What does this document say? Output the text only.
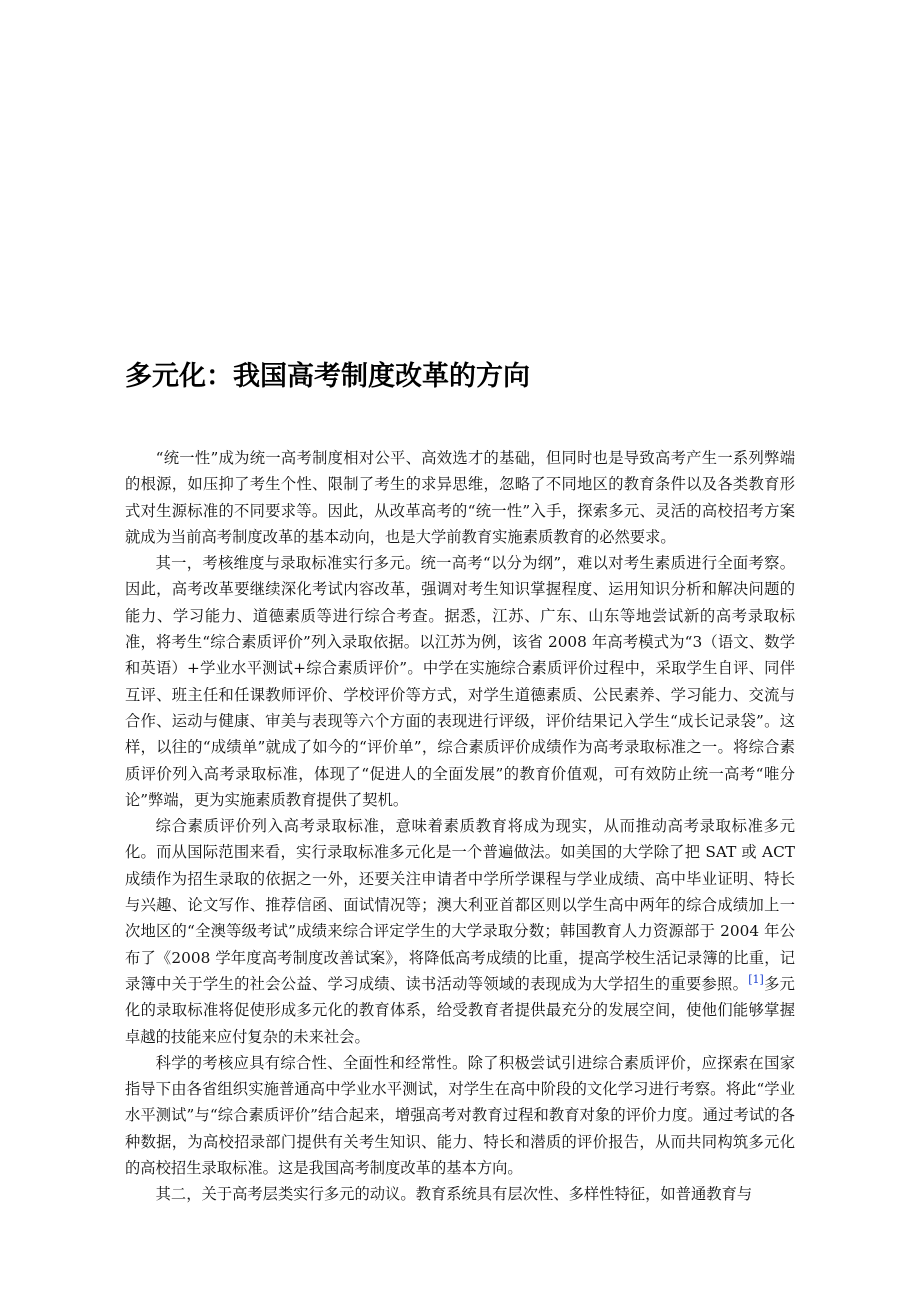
多元化：我国高考制度改革的方向

“统一性”成为统一高考制度相对公平、高效选才的基础，但同时也是导致高考产生一系列弊端的根源，如压抑了考生个性、限制了考生的求异思维，忽略了不同地区的教育条件以及各类教育形式对生源标准的不同要求等。因此，从改革高考的“统一性”入手，探索多元、灵活的高校招考方案就成为当前高考制度改革的基本动向，也是大学前教育实施素质教育的必然要求。

其一，考核维度与录取标准实行多元。统一高考“以分为纲”，难以对考生素质进行全面考察。因此，高考改革要继续深化考试内容改革，强调对考生知识掌握程度、运用知识分析和解决问题的能力、学习能力、道德素质等进行综合考查。据悉，江苏、广东、山东等地尝试新的高考录取标准，将考生“综合素质评价”列入录取依据。以江苏为例，该省 2008 年高考模式为“3（语文、数学和英语）+学业水平测试+综合素质评价”。中学在实施综合素质评价过程中，采取学生自评、同伴互评、班主任和任课教师评价、学校评价等方式，对学生道德素质、公民素养、学习能力、交流与合作、运动与健康、审美与表现等六个方面的表现进行评级，评价结果记入学生“成长记录袋”。这样，以往的“成绩单”就成了如今的“评价单”，综合素质评价成绩作为高考录取标准之一。将综合素质评价列入高考录取标准，体现了“促进人的全面发展”的教育价值观，可有效防止统一高考“唯分论”弊端，更为实施素质教育提供了契机。

综合素质评价列入高考录取标准，意味着素质教育将成为现实，从而推动高考录取标准多元化。而从国际范围来看，实行录取标准多元化是一个普遍做法。如美国的大学除了把 SAT 或 ACT 成绩作为招生录取的依据之一外，还要关注申请者中学所学课程与学业成绩、高中毕业证明、特长与兴趣、论文写作、推荐信函、面试情况等；澳大利亚首都区则以学生高中两年的综合成绩加上一次地区的“全澳等级考试”成绩来综合评定学生的大学录取分数；韩国教育人力资源部于 2004 年公布了《2008 学年度高考制度改善试案》，将降低高考成绩的比重，提高学校生活记录簿的比重，记录簿中关于学生的社会公益、学习成绩、读书活动等领域的表现成为大学招生的重要参照。[1]多元化的录取标准将促使形成多元化的教育体系，给受教育者提供最充分的发展空间，使他们能够掌握卓越的技能来应付复杂的未来社会。

科学的考核应具有综合性、全面性和经常性。除了积极尝试引进综合素质评价，应探索在国家指导下由各省组织实施普通高中学业水平测试，对学生在高中阶段的文化学习进行考察。将此“学业水平测试”与“综合素质评价”结合起来，增强高考对教育过程和教育对象的评价力度。通过考试的各种数据，为高校招录部门提供有关考生知识、能力、特长和潜质的评价报告，从而共同构筑多元化的高校招生录取标准。这是我国高考制度改革的基本方向。

其二，关于高考层类实行多元的动议。教育系统具有层次性、多样性特征，如普通教育与
